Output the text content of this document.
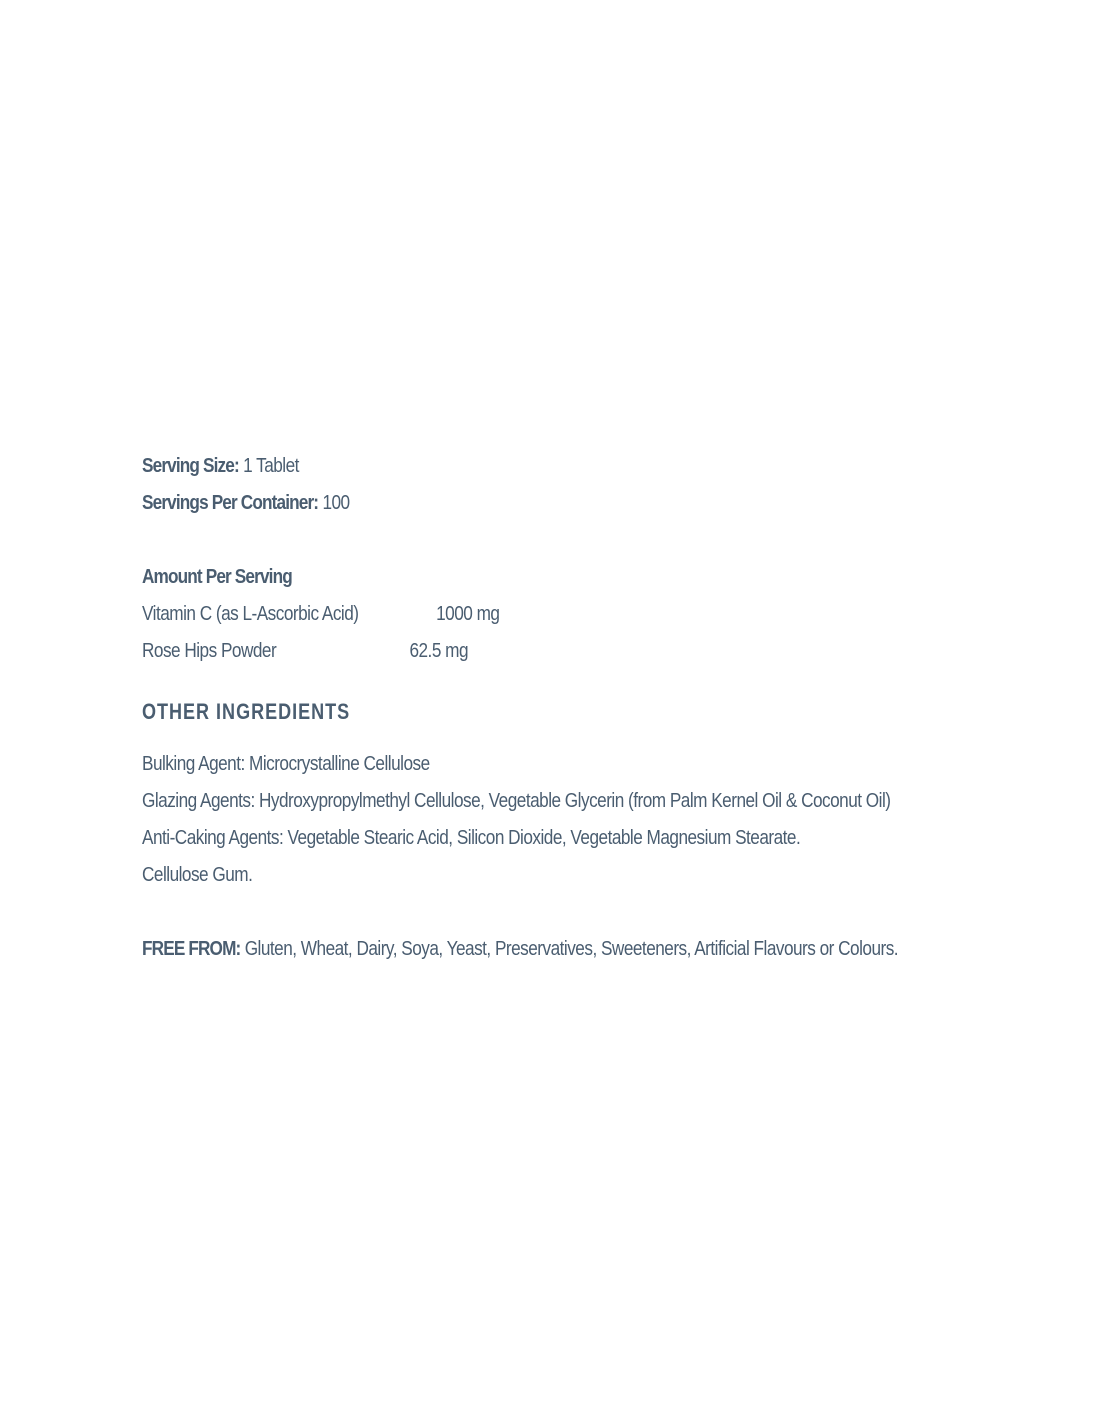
Serving Size: 1 Tablet
Servings Per Container: 100
Amount Per Serving
Vitamin C (as L-Ascorbic Acid)	1000 mg
Rose Hips Powder	62.5 mg
OTHER INGREDIENTS
Bulking Agent: Microcrystalline Cellulose
Glazing Agents: Hydroxypropylmethyl Cellulose, Vegetable Glycerin (from Palm Kernel Oil & Coconut Oil)
Anti-Caking Agents: Vegetable Stearic Acid, Silicon Dioxide, Vegetable Magnesium Stearate.
Cellulose Gum.
FREE FROM: Gluten, Wheat, Dairy, Soya, Yeast, Preservatives, Sweeteners, Artificial Flavours or Colours.
